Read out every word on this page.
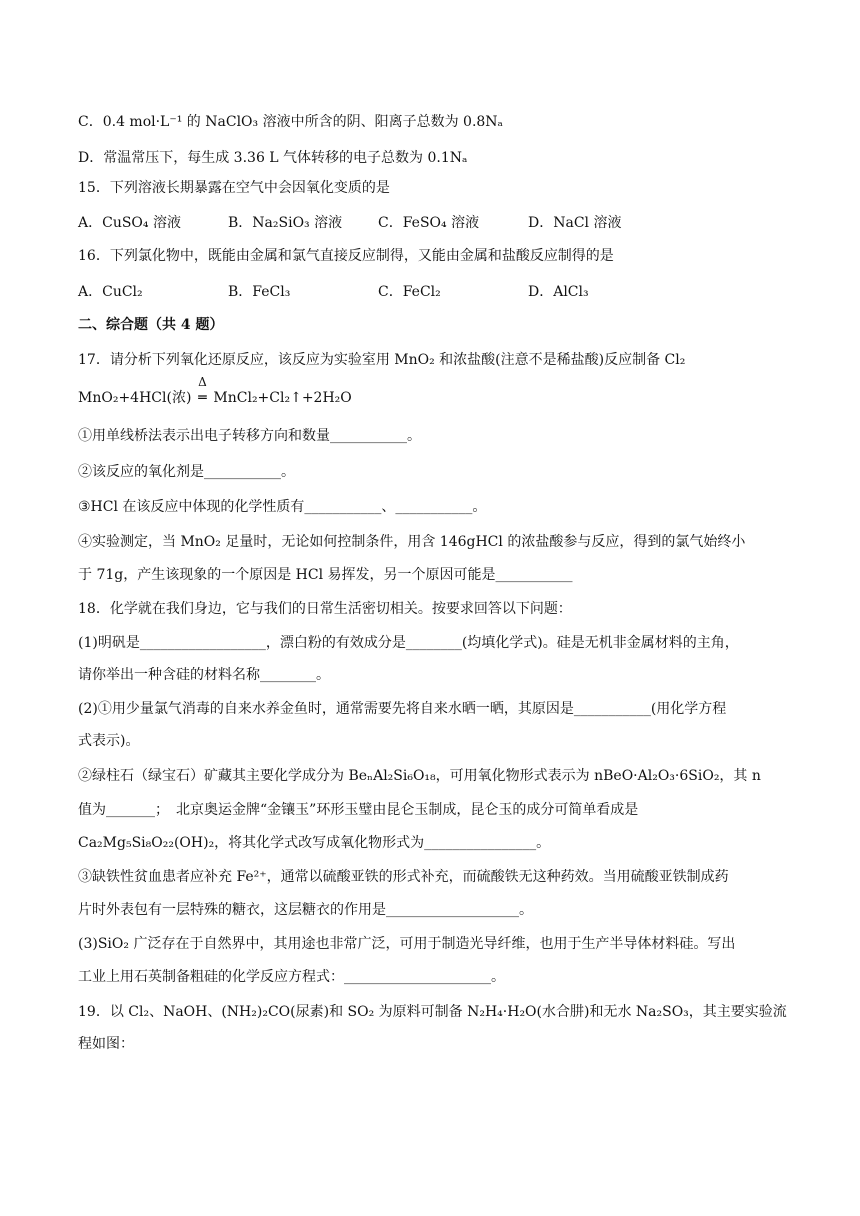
C．0.4 mol·L⁻¹ 的 NaClO₃ 溶液中所含的阴、阳离子总数为 0.8Nₐ
D．常温常压下，每生成 3.36 L 气体转移的电子总数为 0.1Nₐ
15．下列溶液长期暴露在空气中会因氧化变质的是
A．CuSO₄ 溶液	B．Na₂SiO₃ 溶液	C．FeSO₄ 溶液	D．NaCl 溶液
16．下列氯化物中，既能由金属和氯气直接反应制得，又能由金属和盐酸反应制得的是
A．CuCl₂	B．FeCl₃	C．FeCl₂	D．AlCl₃
二、综合题（共 4 题）
17．请分析下列氧化还原反应，该反应为实验室用 MnO₂ 和浓盐酸(注意不是稀盐酸)反应制备 Cl₂
MnO₂+4HCl(浓)
Δ
═ MnCl₂+Cl₂↑+2H₂O
①用单线桥法表示出电子转移方向和数量___________。
②该反应的氧化剂是___________。
③HCl 在该反应中体现的化学性质有___________、___________。
④实验测定，当 MnO₂ 足量时，无论如何控制条件，用含 146gHCl 的浓盐酸参与反应，得到的氯气始终小
于 71g，产生该现象的一个原因是 HCl 易挥发，另一个原因可能是___________
18．化学就在我们身边，它与我们的日常生活密切相关。按要求回答以下问题：
(1)明矾是__________________，漂白粉的有效成分是________(均填化学式)。硅是无机非金属材料的主角，
请你举出一种含硅的材料名称________。
(2)①用少量氯气消毒的自来水养金鱼时，通常需要先将自来水晒一晒，其原因是___________(用化学方程
式表示)。
②绿柱石（绿宝石）矿藏其主要化学成分为 BeₙAl₂Si₆O₁₈，可用氧化物形式表示为 nBeO·Al₂O₃·6SiO₂，其 n
值为_______；　北京奥运金牌“金镶玉”环形玉璧由昆仑玉制成，昆仑玉的成分可简单看成是
Ca₂Mg₅Si₈O₂₂(OH)₂，将其化学式改写成氧化物形式为________________。
③缺铁性贫血患者应补充 Fe²⁺，通常以硫酸亚铁的形式补充，而硫酸铁无这种药效。当用硫酸亚铁制成药
片时外表包有一层特殊的糖衣，这层糖衣的作用是___________________。
(3)SiO₂ 广泛存在于自然界中，其用途也非常广泛，可用于制造光导纤维，也用于生产半导体材料硅。写出
工业上用石英制备粗硅的化学反应方程式：_____________________。
19．以 Cl₂、NaOH、(NH₂)₂CO(尿素)和 SO₂ 为原料可制备 N₂H₄·H₂O(水合肼)和无水 Na₂SO₃，其主要实验流
程如图：
